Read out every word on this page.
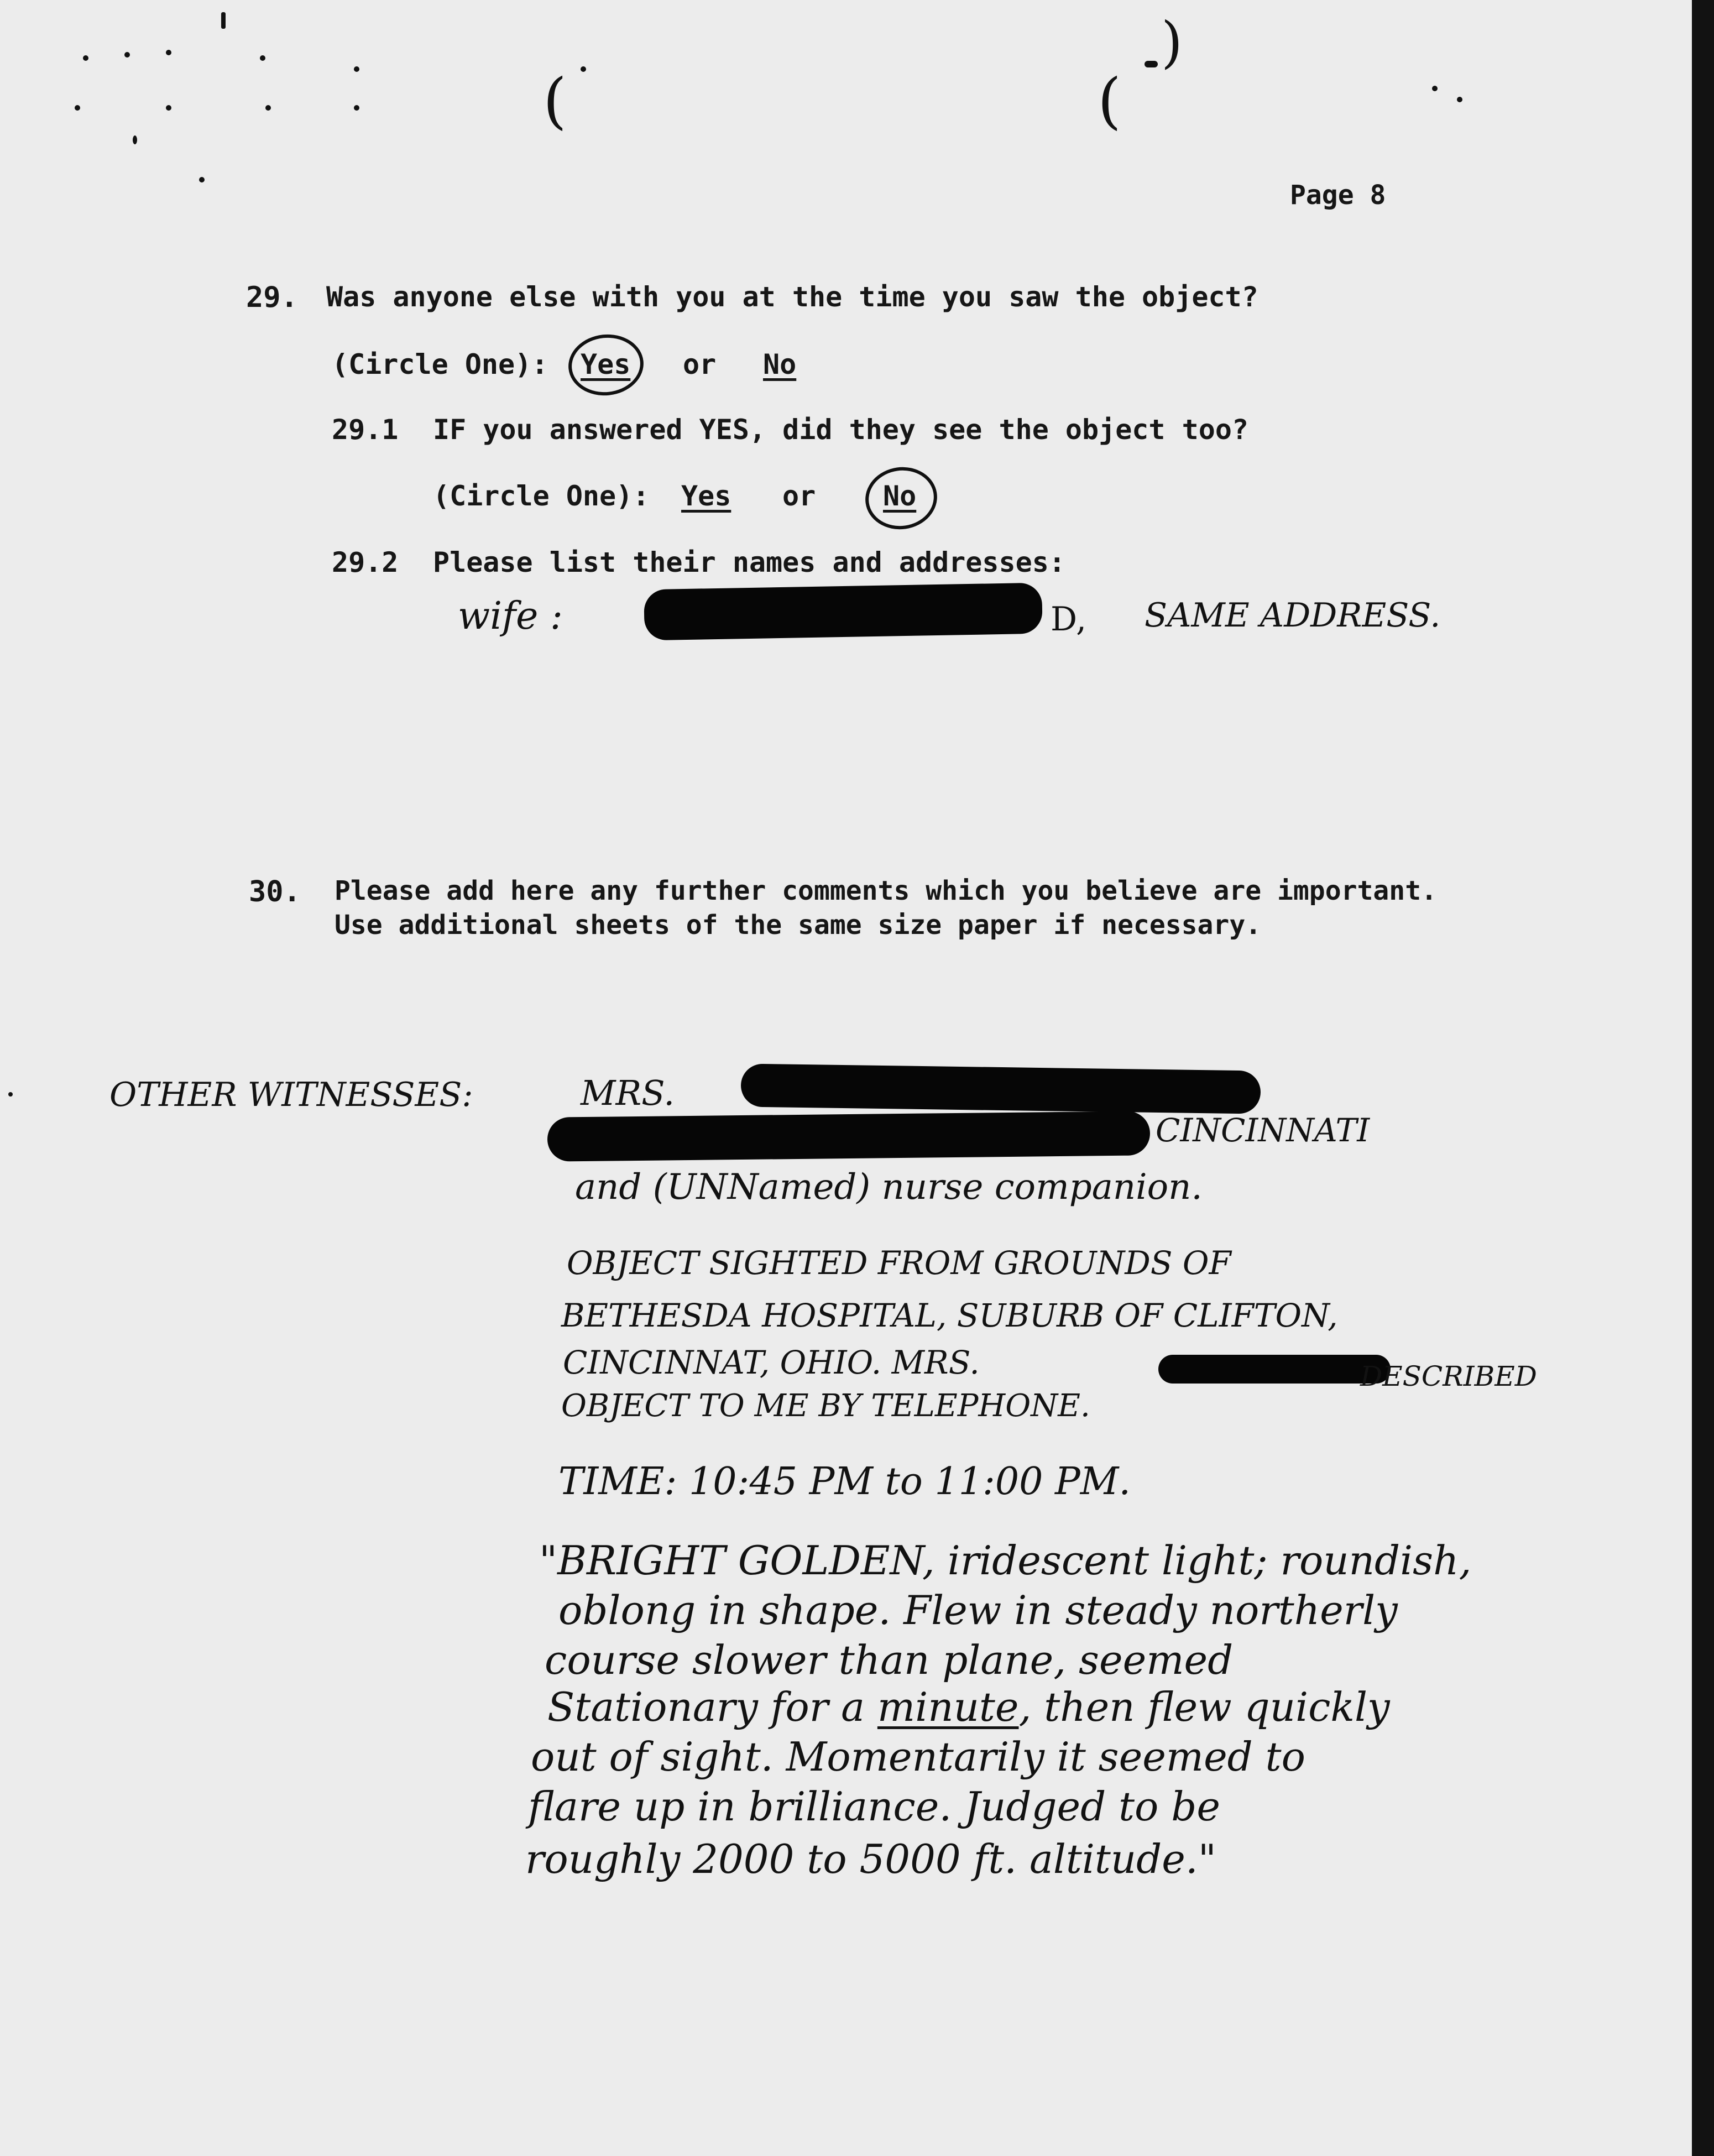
(	(
)
Page 8
29. Was anyone else with you at the time you saw the object?
(Circle One): Yes or No
29.1 IF you answered YES, did they see the object too?
(Circle One): Yes or No
29.2 Please list their names and addresses:
wife :	D, SAME ADDRESS.
30. Please add here any further comments which you believe are important.
Use additional sheets of the same size paper if necessary.
OTHER WITNESSES:	MRS.
CINCINNATI
and (UNNamed) nurse companion.
OBJECT SIGHTED FROM GROUNDS OF
BETHESDA HOSPITAL, SUBURB OF CLIFTON,
CINCINNAT, OHIO. MRS.	DESCRIBED
OBJECT TO ME BY TELEPHONE.
TIME: 10:45 PM to 11:00 PM.
"BRIGHT GOLDEN, iridescent light; roundish,
oblong in shape. Flew in steady northerly
course slower than plane, seemed
Stationary for a minute, then flew quickly
out of sight. Momentarily it seemed to
flare up in brilliance. Judged to be
roughly 2000 to 5000 ft. altitude."
